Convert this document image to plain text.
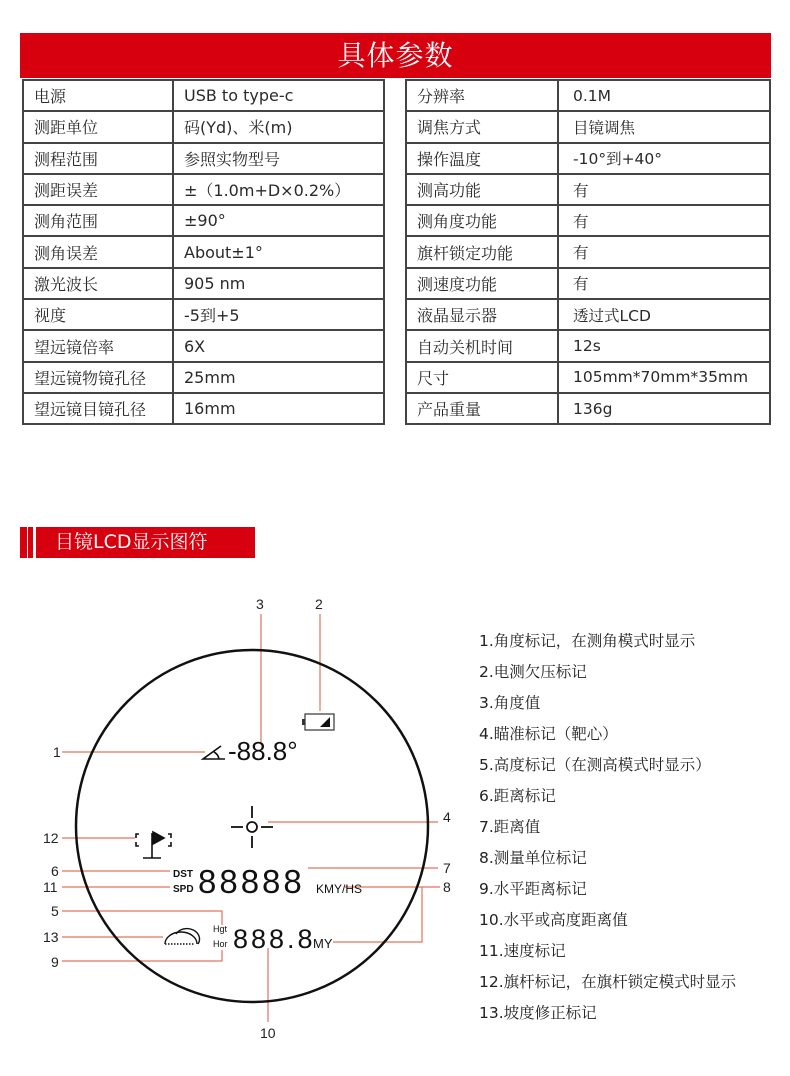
具体参数
电源	USB to type-c
测距单位	码(Yd)、米(m)
测程范围	参照实物型号
测距误差	±（1.0m+D×0.2%）
测角范围	±90°
测角误差	About±1°
激光波长	905 nm
视度	-5到+5
望远镜倍率	6X
望远镜物镜孔径	25mm
望远镜目镜孔径	16mm
分辨率	0.1M
调焦方式	目镜调焦
操作温度	-10°到+40°
测高功能	有
测角度功能	有
旗杆锁定功能	有
测速度功能	有
液晶显示器	透过式LCD
自动关机时间	12s
尺寸	105mm*70mm*35mm
产品重量	136g
目镜LCD显示图符
-88.8°
DST
SPD 88888 KMY/HS
Hgt
Hor 888.8
MY
3	2
1
4
12
6	7
11	8
5
13
9
10
1.角度标记，在测角模式时显示
2.电测欠压标记
3.角度值
4.瞄准标记（靶心）
5.高度标记（在测高模式时显示）
6.距离标记
7.距离值
8.测量单位标记
9.水平距离标记
10.水平或高度距离值
11.速度标记
12.旗杆标记，在旗杆锁定模式时显示
13.坡度修正标记
